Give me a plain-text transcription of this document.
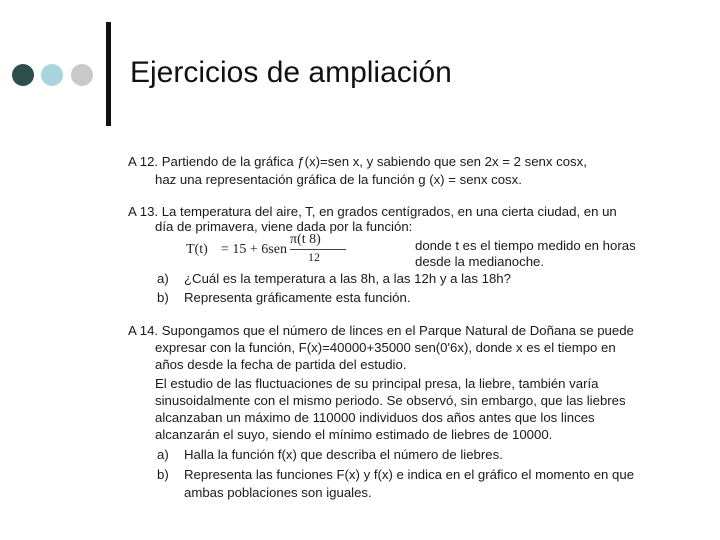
Ejercicios de ampliación
A 12. Partiendo de la gráfica ƒ(x)=sen x, y sabiendo que sen 2x = 2 senx cosx,
haz una representación gráfica de la función g (x) = senx cosx.
A 13. La temperatura del aire, T, en grados centígrados, en una cierta ciudad, en un
día de primavera, viene dada por la función:
T(t) = 15 + 6sen
π(t 8)
12
donde t es el tiempo medido en horas
desde la medianoche.
a) ¿Cuál es la temperatura a las 8h, a las 12h y a las 18h?
b) Representa gráficamente esta función.
A 14. Supongamos que el número de linces en el Parque Natural de Doñana se puede
expresar con la función, F(x)=40000+35000 sen(0'6x), donde x es el tiempo en
años desde la fecha de partida del estudio.
El estudio de las fluctuaciones de su principal presa, la liebre, también varía
sinusoidalmente con el mismo periodo. Se observó, sin embargo, que las liebres
alcanzaban un máximo de 110000 individuos dos años antes que los linces
alcanzarán el suyo, siendo el mínimo estimado de liebres de 10000.
a) Halla la función f(x) que describa el número de liebres.
b) Representa las funciones F(x) y f(x) e indica en el gráfico el momento en que
ambas poblaciones son iguales.
